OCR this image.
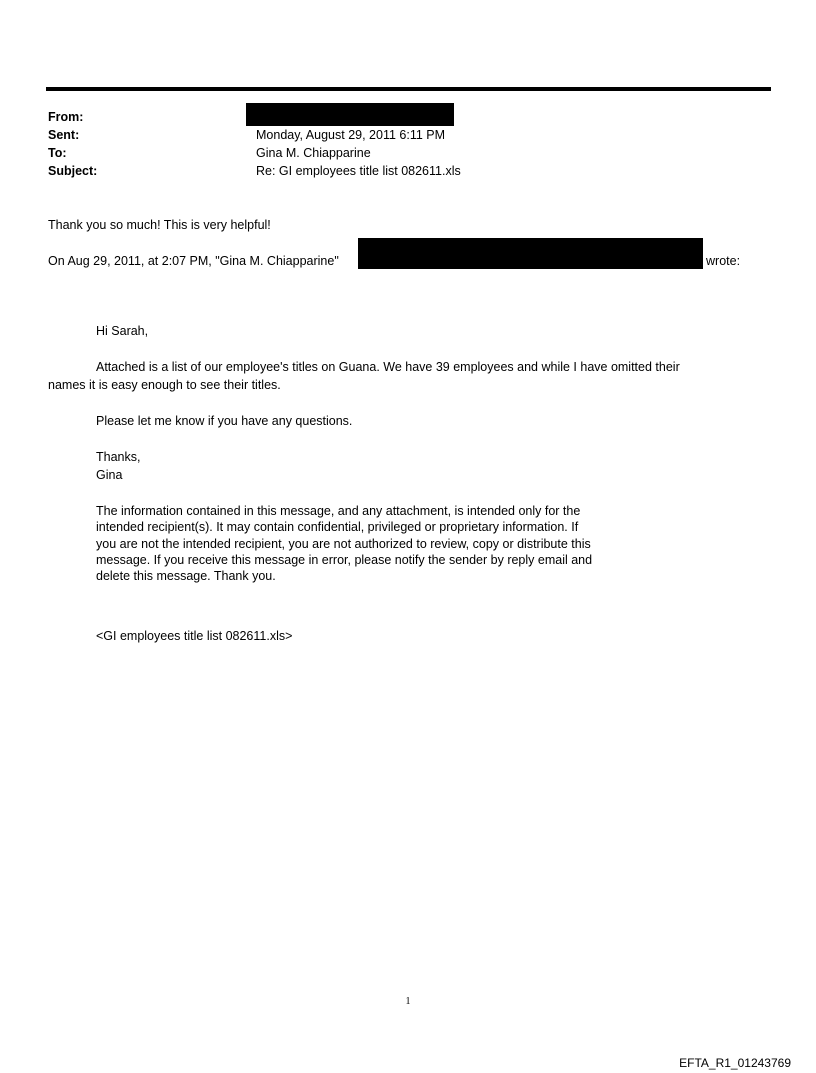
From:
Sent:	Monday, August 29, 2011 6:11 PM
To:	Gina M. Chiapparine
Subject:	Re: GI employees title list 082611.xls
Thank you so much! This is very helpful!
On Aug 29, 2011, at 2:07 PM, "Gina M. Chiapparine"	wrote:
Hi Sarah,
Attached is a list of our employee's titles on Guana. We have 39 employees and while I have omitted their
names it is easy enough to see their titles.
Please let me know if you have any questions.
Thanks,
Gina
The information contained in this message, and any attachment, is intended only for the intended recipient(s). It may contain confidential, privileged or proprietary information. If you are not the intended recipient, you are not authorized to review, copy or distribute this message. If you receive this message in error, please notify the sender by reply email and delete this message. Thank you.
<GI employees title list 082611.xls>
1
EFTA_R1_01243769
